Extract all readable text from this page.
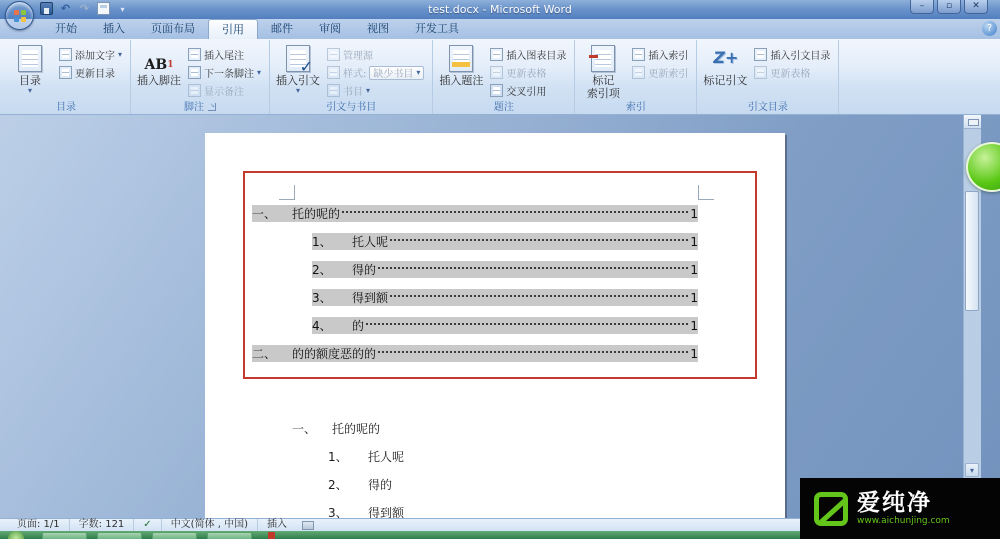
test.docx - Microsoft Word
–
▫
✕
↶
↷
▾
开始	插入	页面布局	引用	邮件	审阅	视图	开发工具
?
目录
▾
添加文字 ▾
更新目录
目录
AB 1
插入脚注
插入尾注
下一条脚注 ▾
显示备注
脚注
↘
✓
插入引文
▾
管理源
样式: 缺少书目 ▾
书目 ▾
引文与书目
插入题注
插入图表目录
更新表格
交叉引用
题注
标记
索引项
插入索引
更新索引
索引
Z+
标记引文
插入引文目录
更新表格
引文目录
一、	托的呢的	1
1、	托人呢	1
2、	得的	1
3、	得到额	1
4、	的	1
二、	的的额度恶的的	1
一、	托的呢的
1、	托人呢
2、	得的
3、	得到额
▾
页面: 1/1	字数: 121	✓	中文(简体 , 中国)	插入
爱纯净
www.aichunjing.com
